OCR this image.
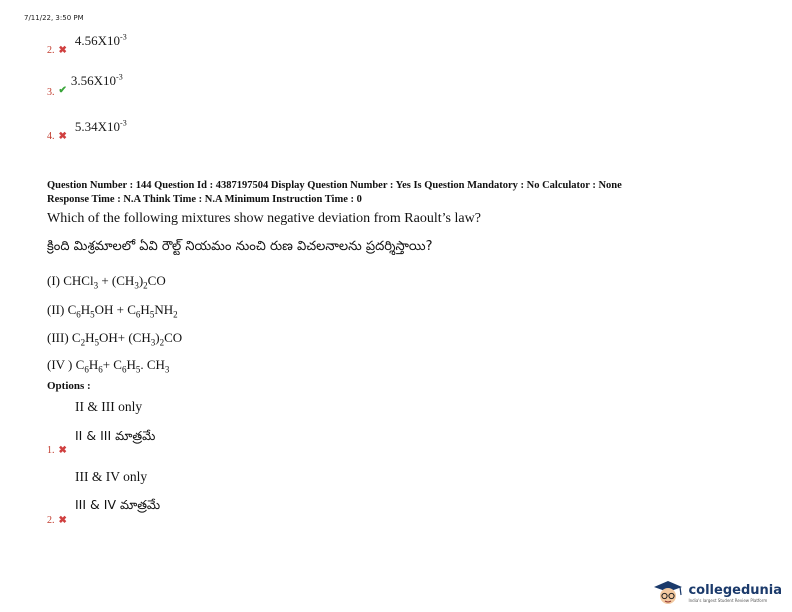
7/11/22, 3:50 PM
$_{2.}$ $_✖$ $4.56X10^{-3}$
$_{3.}$ $_✔$ $3.56X10^{-3}$
$_{4.}$ $_✖$ $5.34X10^{-3}$
Question Number : 144 Question Id : 4387197504 Display Question Number : Yes Is Question Mandatory : No Calculator : None
Response Time : N.A Think Time : N.A Minimum Instruction Time : 0
Which of the following mixtures show negative deviation from Raoult’s law?
క్రింది మిశ్రమాలలో ఏవి రౌల్ట్ నియమం నుంచి రుణ విచలనాలను ప్రదర్శిస్తాయి?
(I) CHCl$_3$ + $(CH_3)_2CO$
(II) $C_6H_5OH + C_6H_5NH_2$
(III) $C_2H_5OH+ (CH_3)_2CO$
(IV ) $C_6H_6+ C_6H_5$. $CH_3$
Options :
II & III only
II & III మాత్రమే
1. ✖
III & IV only
III & IV మాత్రమే
2. ✖
collegedunia
India's largest Student Review Platform
